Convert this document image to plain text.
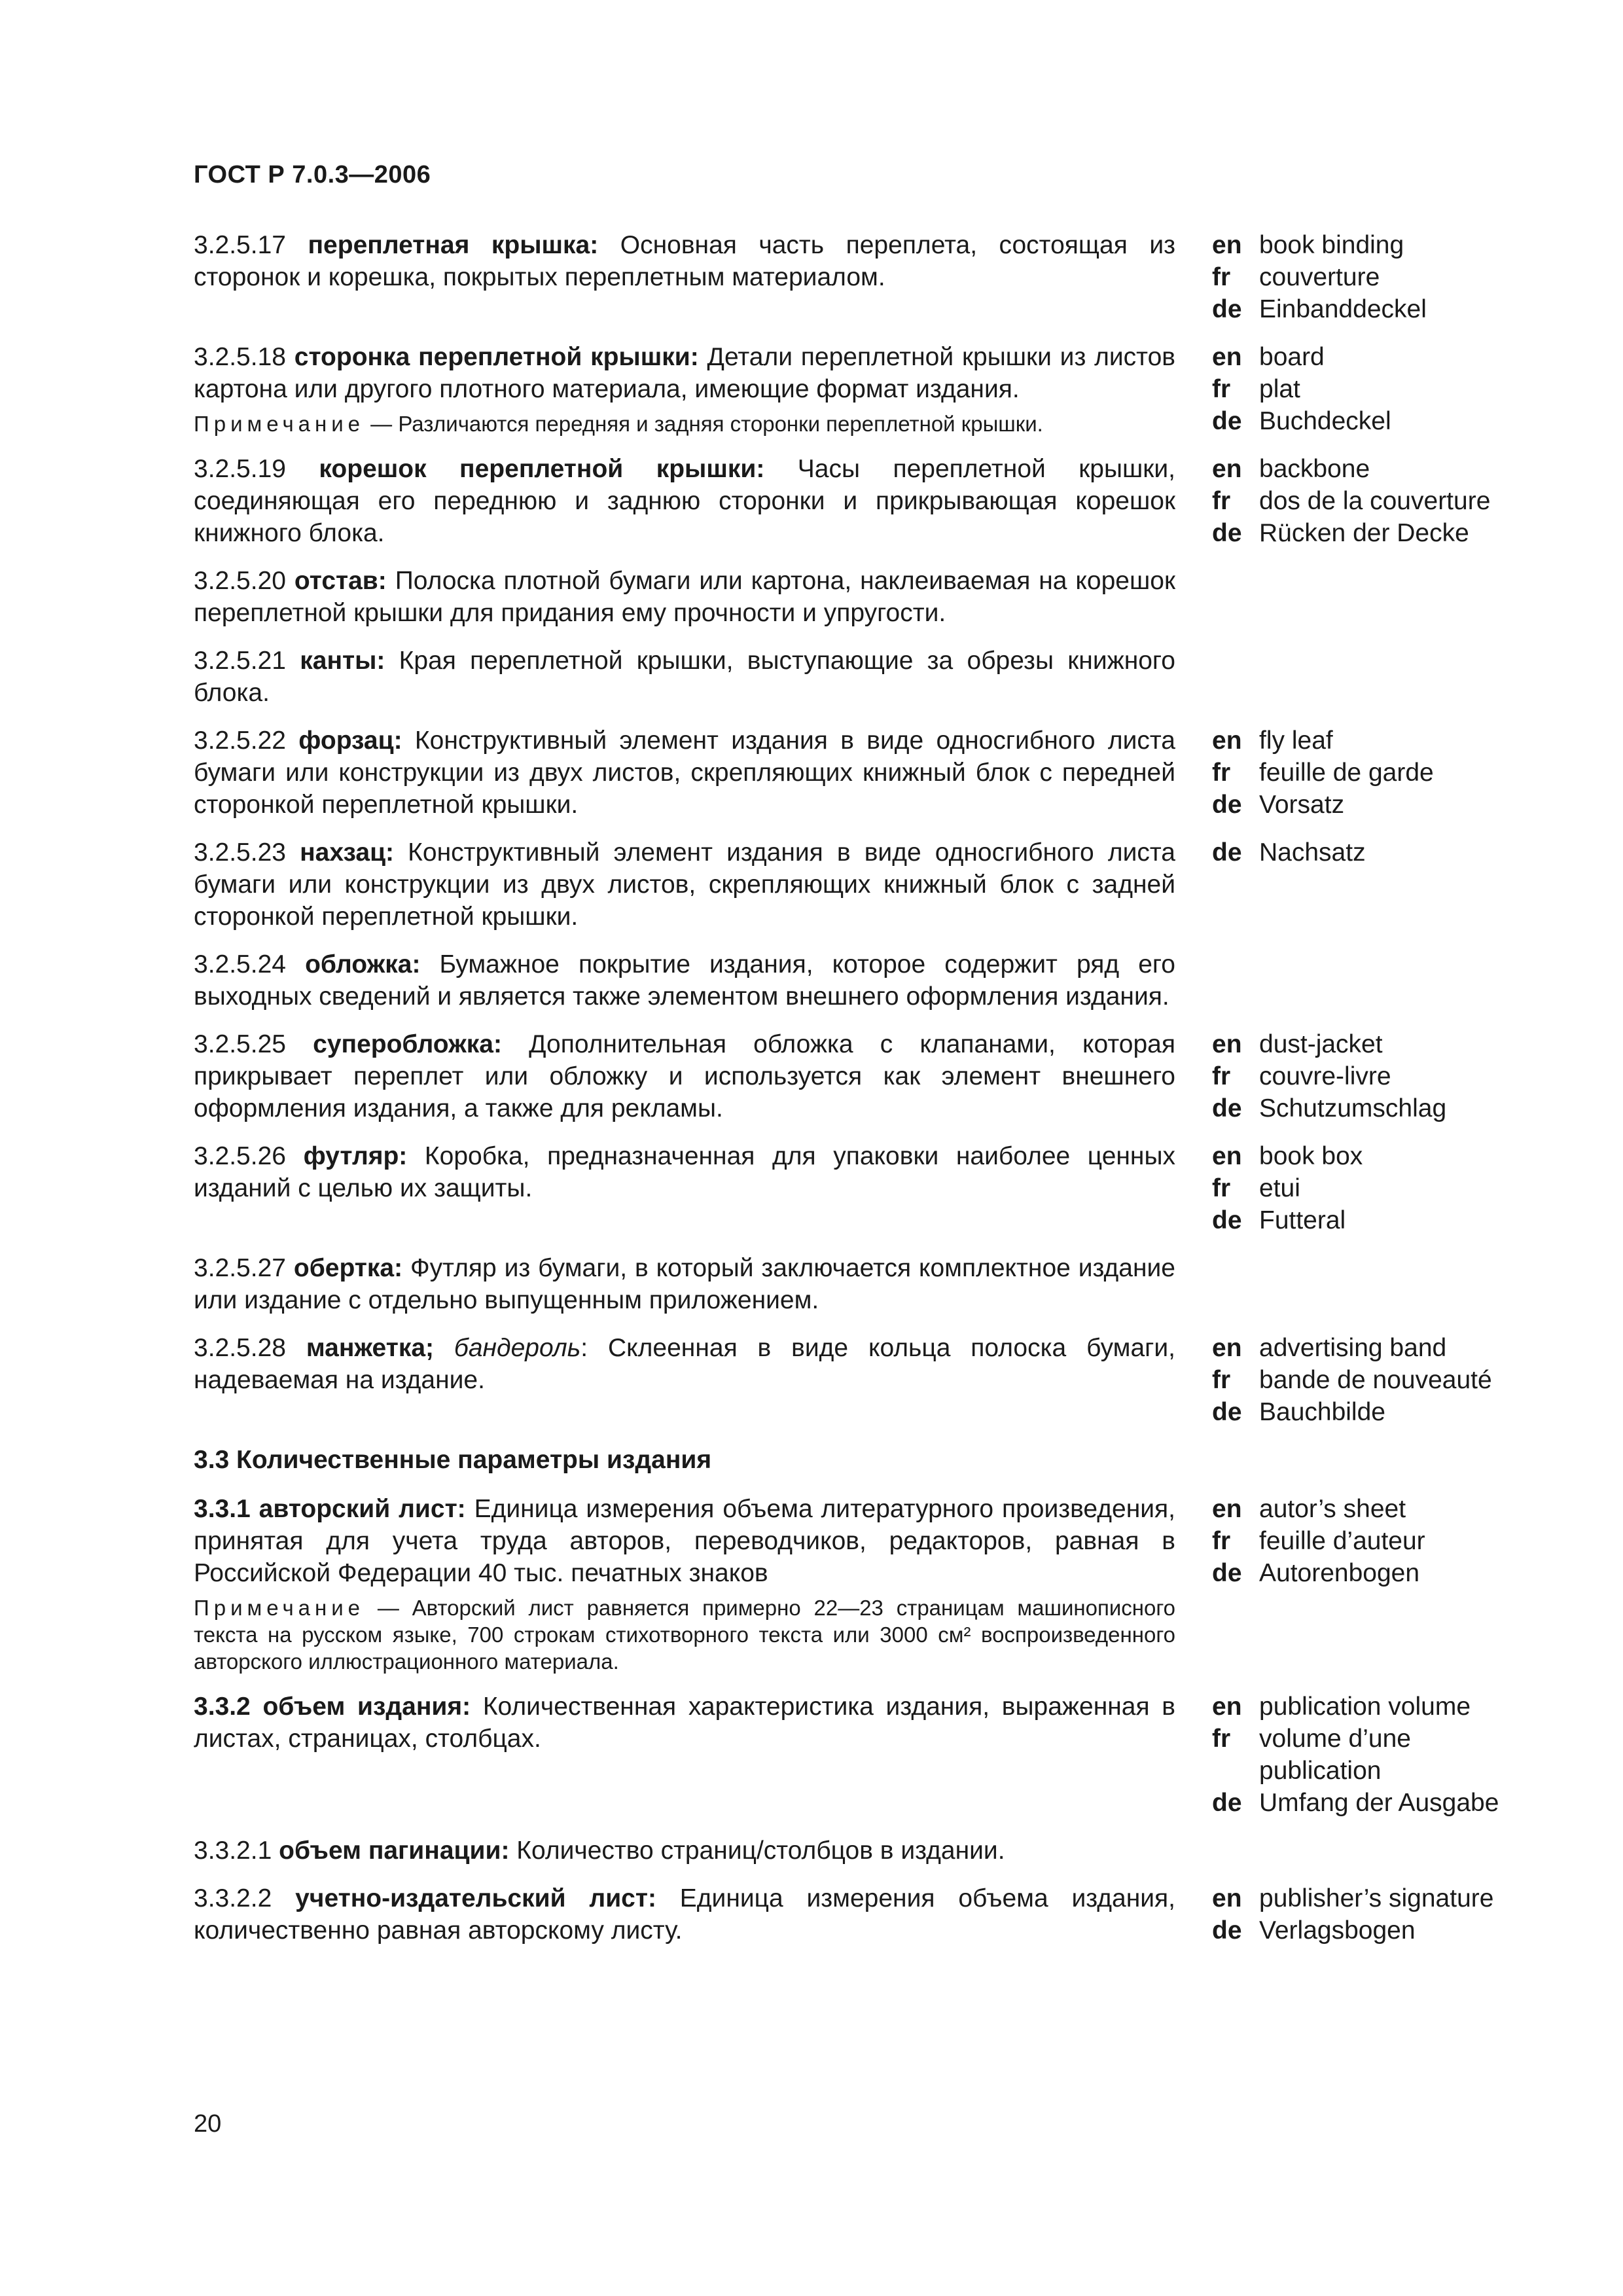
ГОСТ Р 7.0.3—2006

3.2.5.17 переплетная крышка: Основная часть переплета, состоящая из сторонок и корешка, покрытых переплетным материалом.

en book binding
fr	couverture
de Einbanddeckel

3.2.5.18 сторонка переплетной крышки: Детали переплетной крышки из листов картона или другого плотного материала, имеющие формат издания.

Примечание — Различаются передняя и задняя сторонки переплетной крышки.

en board
fr	plat
de Buchdeckel

3.2.5.19 корешок переплетной крышки: Часы переплетной крышки, соединяющая его переднюю и заднюю сторонки и прикрывающая корешок книжного блока.

en backbone
fr	dos de la couverture
de Rücken der Decke

3.2.5.20 отстав: Полоска плотной бумаги или картона, наклеиваемая на корешок переплетной крышки для придания ему прочности и упругости.

3.2.5.21 канты: Края переплетной крышки, выступающие за обрезы книжного блока.

3.2.5.22 форзац: Конструктивный элемент издания в виде односгибного листа бумаги или конструкции из двух листов, скрепляющих книжный блок с передней сторонкой переплетной крышки.

en fly leaf
fr	feuille de garde
de Vorsatz

3.2.5.23 нахзац: Конструктивный элемент издания в виде односгибного листа бумаги или конструкции из двух листов, скрепляющих книжный блок с задней сторонкой переплетной крышки.

de Nachsatz

3.2.5.24 обложка: Бумажное покрытие издания, которое содержит ряд его выходных сведений и является также элементом внешнего оформления издания.

3.2.5.25 суперобложка: Дополнительная обложка с клапанами, которая прикрывает переплет или обложку и используется как элемент внешнего оформления издания, а также для рекламы.

en dust-jacket
fr	couvre-livre
de Schutzumschlag

3.2.5.26 футляр: Коробка, предназначенная для упаковки наиболее ценных изданий с целью их защиты.

en book box
fr	etui
de Futteral

3.2.5.27 обертка: Футляр из бумаги, в который заключается комплектное издание или издание с отдельно выпущенным приложением.

3.2.5.28 манжетка; бандероль: Склеенная в виде кольца полоска бумаги, надеваемая на издание.

en advertising band
fr	bande de nouveauté
de Bauchbilde
3.3 Количественные параметры издания

3.3.1 авторский лист: Единица измерения объема литературного произведения, принятая для учета труда авторов, переводчиков, редакторов, равная в Российской Федерации 40 тыс. печатных знаков

Примечание — Авторский лист равняется примерно 22—23 страницам машинописного текста на русском языке, 700 строкам стихотворного текста или 3000 см² воспроизведенного авторского иллюстрационного материала.

en autor’s sheet
fr	feuille d’auteur
de Autorenbogen

3.3.2 объем издания: Количественная характеристика издания, выраженная в листах, страницах, столбцах.

en publication volume
fr	volume d’une publication
de Umfang der Ausgabe

3.3.2.1 объем пагинации: Количество страниц/столбцов в издании.

3.3.2.2 учетно-издательский лист: Единица измерения объема издания, количественно равная авторскому листу.

en publisher’s signature
de Verlagsbogen
20
